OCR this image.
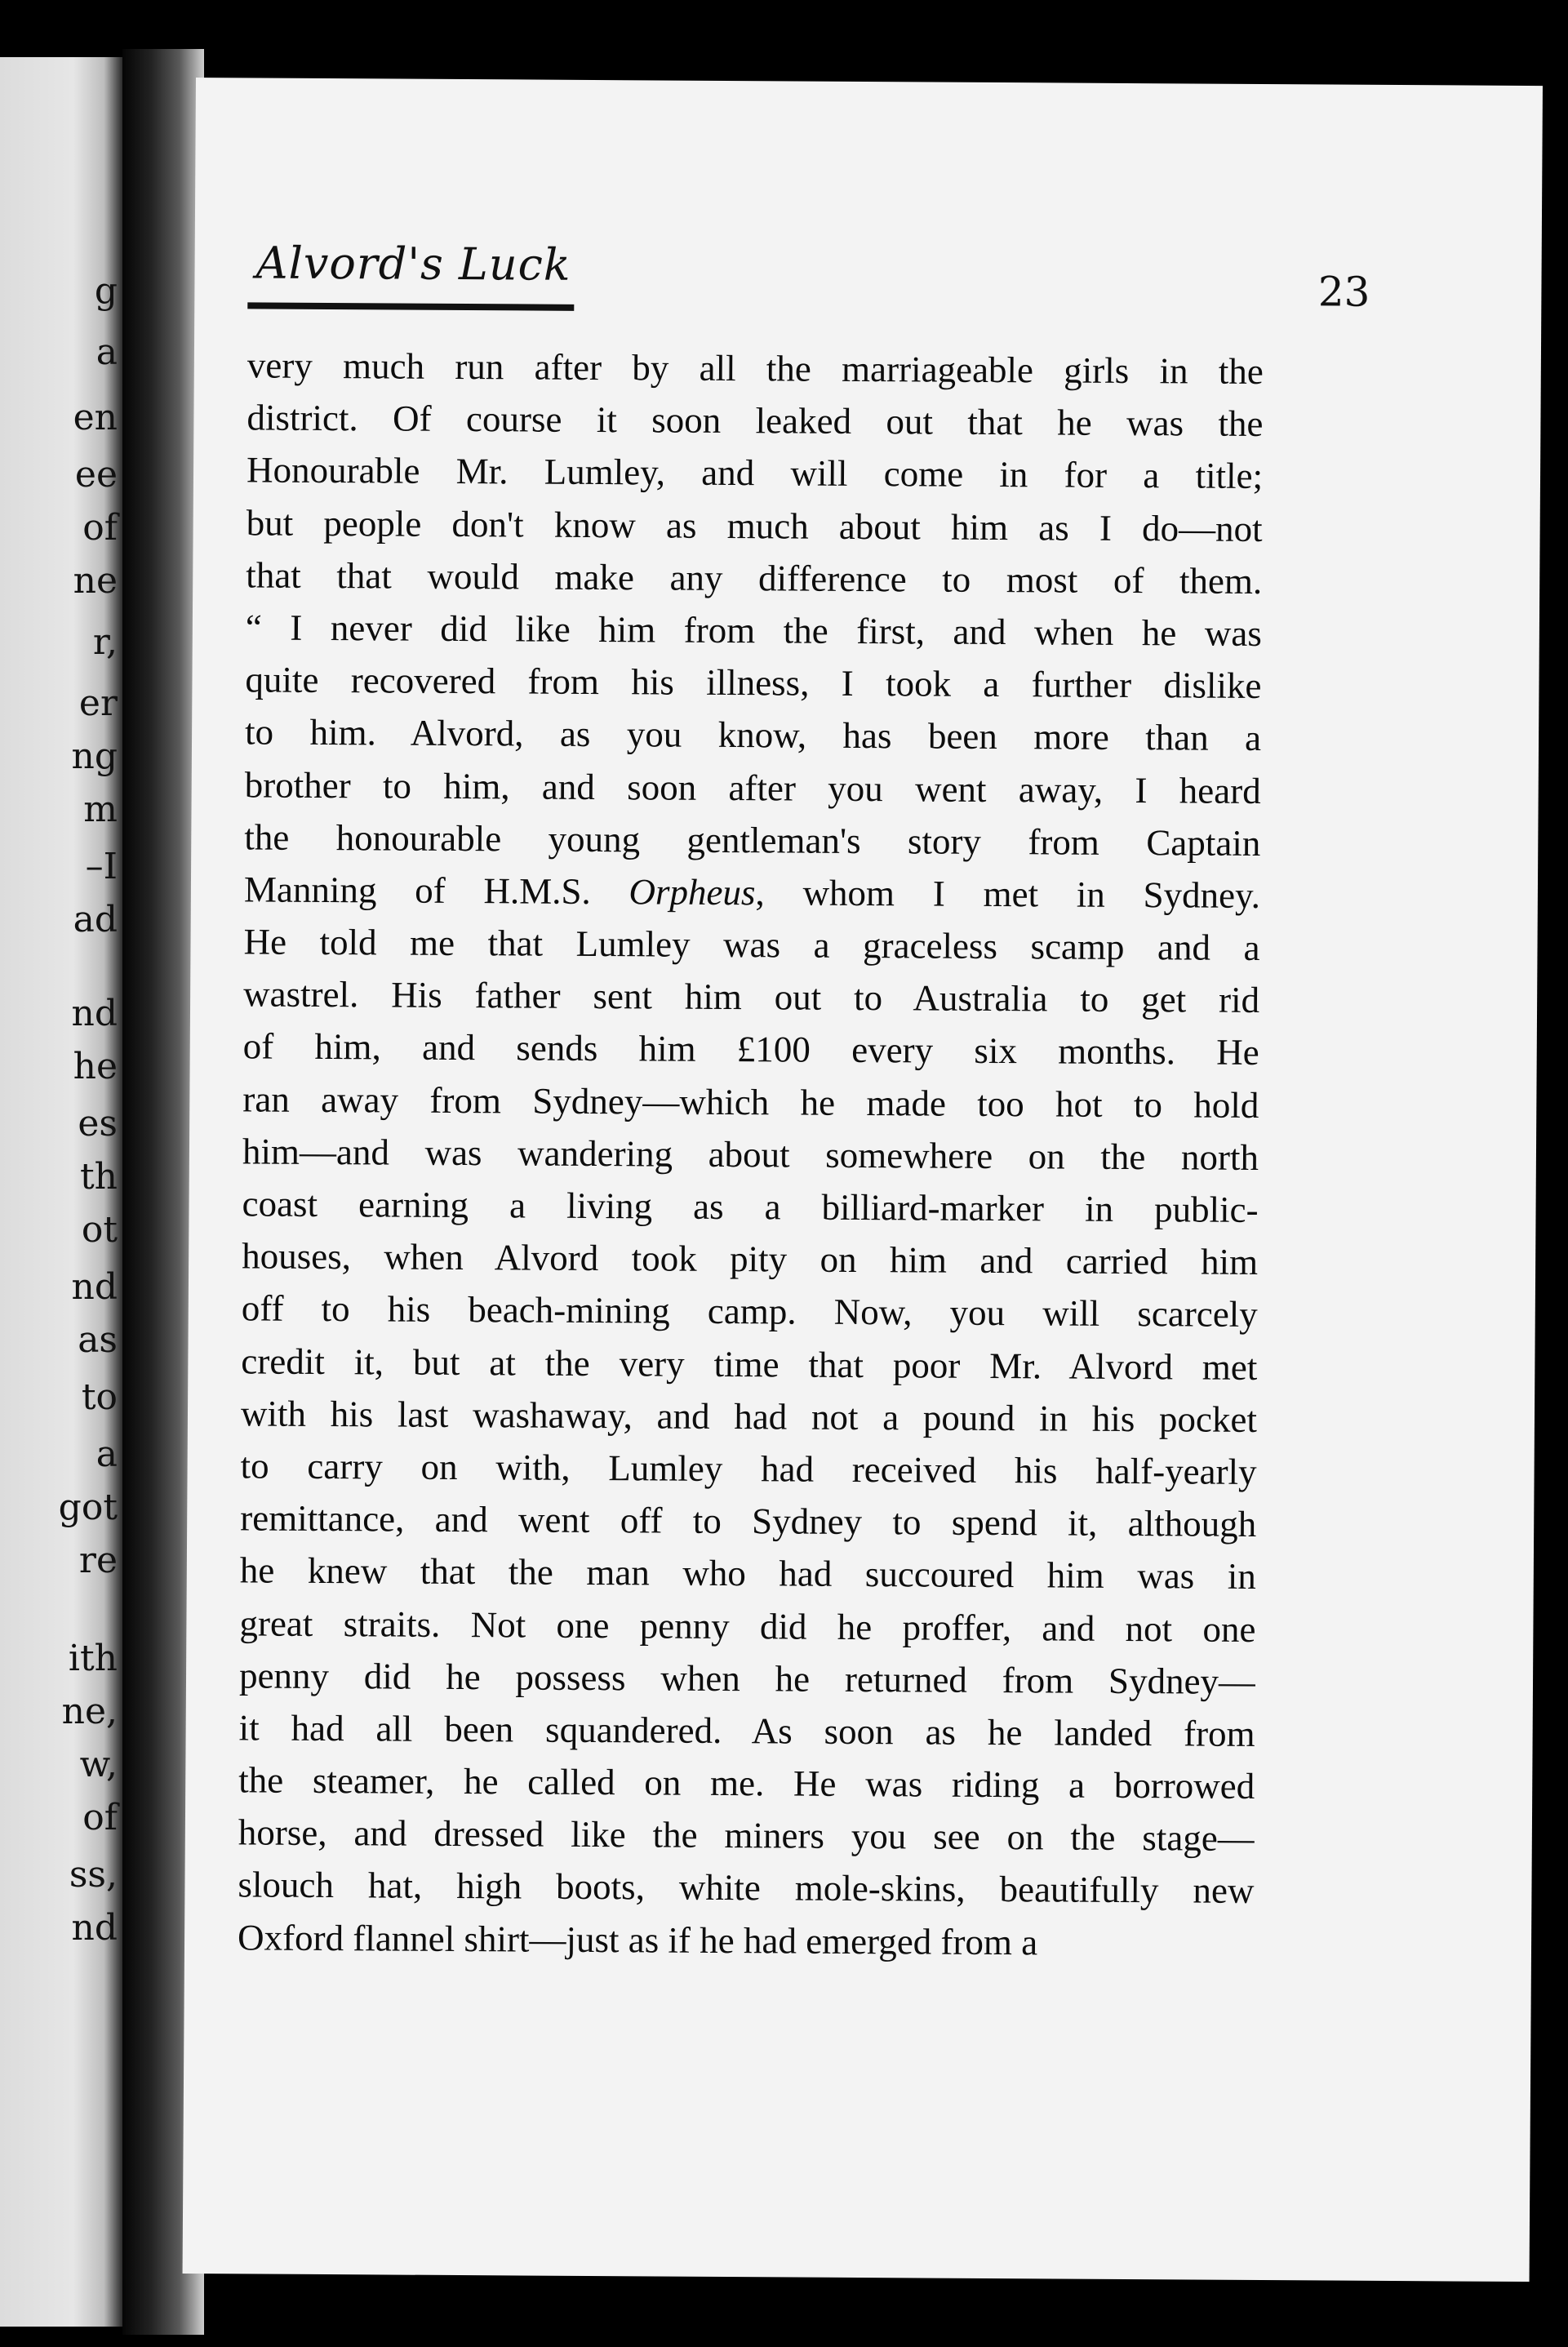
g
a
en
ee
of
ne
r,
er
ng
m
–I
ad
nd
he
es
th
ot
nd
as
to
a
got
re
ith
ne,
w,
of
ss,
nd
Alvord's Luck
23
very much run after by all the marriageable girls in the
district. Of course it soon leaked out that he was the
Honourable Mr. Lumley, and will come in for a title;
but people don't know as much about him as I do—not
that that would make any difference to most of them.
“ I never did like him from the first, and when he was
quite recovered from his illness, I took a further dislike
to him. Alvord, as you know, has been more than a
brother to him, and soon after you went away, I heard
the honourable young gentleman's story from Captain
Manning of H.M.S. Orpheus, whom I met in Sydney.
He told me that Lumley was a graceless scamp and a
wastrel. His father sent him out to Australia to get rid
of him, and sends him £100 every six months. He
ran away from Sydney—which he made too hot to hold
him—and was wandering about somewhere on the north
coast earning a living as a billiard-marker in public-
houses, when Alvord took pity on him and carried him
off to his beach-mining camp. Now, you will scarcely
credit it, but at the very time that poor Mr. Alvord met
with his last washaway, and had not a pound in his pocket
to carry on with, Lumley had received his half-yearly
remittance, and went off to Sydney to spend it, although
he knew that the man who had succoured him was in
great straits. Not one penny did he proffer, and not one
penny did he possess when he returned from Sydney—
it had all been squandered. As soon as he landed from
the steamer, he called on me. He was riding a borrowed
horse, and dressed like the miners you see on the stage—
slouch hat, high boots, white mole-skins, beautifully new
Oxford flannel shirt—just as if he had emerged from a
